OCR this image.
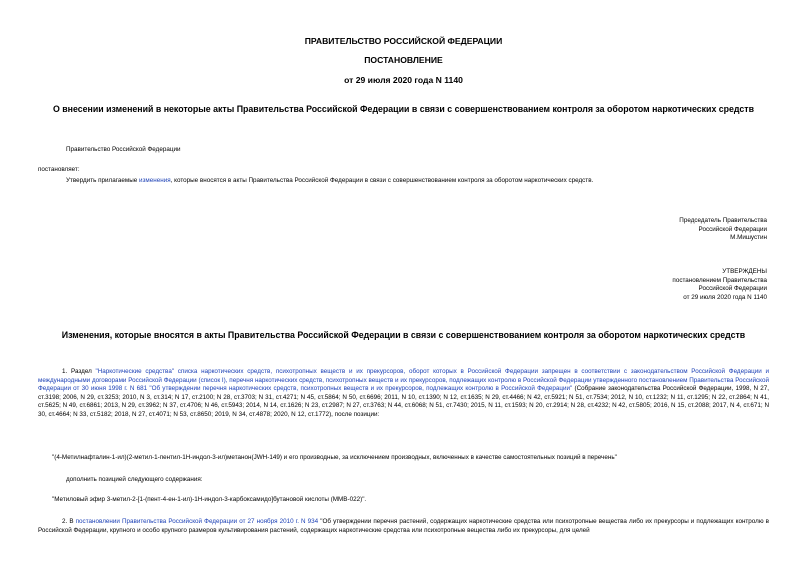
ПРАВИТЕЛЬСТВО РОССИЙСКОЙ ФЕДЕРАЦИИ
ПОСТАНОВЛЕНИЕ
от 29 июля 2020 года N 1140
О внесении изменений в некоторые акты Правительства Российской Федерации в связи с совершенствованием контроля за оборотом наркотических средств
Правительство Российской Федерации
постановляет:
Утвердить прилагаемые изменения, которые вносятся в акты Правительства Российской Федерации в связи с совершенствованием контроля за оборотом наркотических средств.
Председатель Правительства
Российской Федерации
М.Мишустин
УТВЕРЖДЕНЫ
постановлением Правительства
Российской Федерации
от 29 июля 2020 года N 1140
Изменения, которые вносятся в акты Правительства Российской Федерации в связи с совершенствованием контроля за оборотом наркотических средств
1. Раздел "Наркотические средства" списка наркотических средств, психотропных веществ и их прекурсоров, оборот которых в Российской Федерации запрещен в соответствии с законодательством Российской Федерации и международными договорами Российской Федерации (список I), перечня наркотических средств, психотропных веществ и их прекурсоров, подлежащих контролю в Российской Федерации утвержденного постановлением Правительства Российской Федерации от 30 июня 1998 г. N 681 "Об утверждении перечня наркотических средств, психотропных веществ и их прекурсоров, подлежащих контролю в Российской Федерации" (Собрание законодательства Российской Федерации, 1998, N 27, ст.3198; 2006, N 29, ст.3253; 2010, N 3, ст.314; N 17, ст.2100; N 28, ст.3703; N 31, ст.4271; N 45, ст.5864; N 50, ст.6696; 2011, N 10, ст.1390; N 12, ст.1635; N 29, ст.4466; N 42, ст.5921; N 51, ст.7534; 2012, N 10, ст.1232; N 11, ст.1295; N 22, ст.2864; N 41, ст.5625; N 49, ст.6861; 2013, N 29, ст.3962; N 37, ст.4706; N 46, ст.5943; 2014, N 14, ст.1626; N 23, ст.2987; N 27, ст.3763; N 44, ст.6068; N 51, ст.7430; 2015, N 11, ст.1593; N 20, ст.2914; N 28, ст.4232; N 42, ст.5805; 2016, N 15, ст.2088; 2017, N 4, ст.671; N 30, ст.4664; N 33, ст.5182; 2018, N 27, ст.4071; N 53, ст.8650; 2019, N 34, ст.4878; 2020, N 12, ст.1772), после позиции:
"(4-Метилнафталин-1-ил)(2-метил-1-пентил-1Н-индол-3-ил)метанон(JWH-149) и его производные, за исключением производных, включенных в качестве самостоятельных позиций в перечень"
дополнить позицией следующего содержания:
"Метиловый эфир 3-метил-2-[1-(пент-4-ен-1-ил)-1Н-индол-3-карбоксамидо]бутановой кислоты (MMB-022)".
2. В постановлении Правительства Российской Федерации от 27 ноября 2010 г. N 934 "Об утверждении перечня растений, содержащих наркотические средства или психотропные вещества либо их прекурсоры и подлежащих контролю в Российской Федерации, крупного и особо крупного размеров культивирования растений, содержащих наркотические средства или психотропные вещества либо их прекурсоры, для целей
